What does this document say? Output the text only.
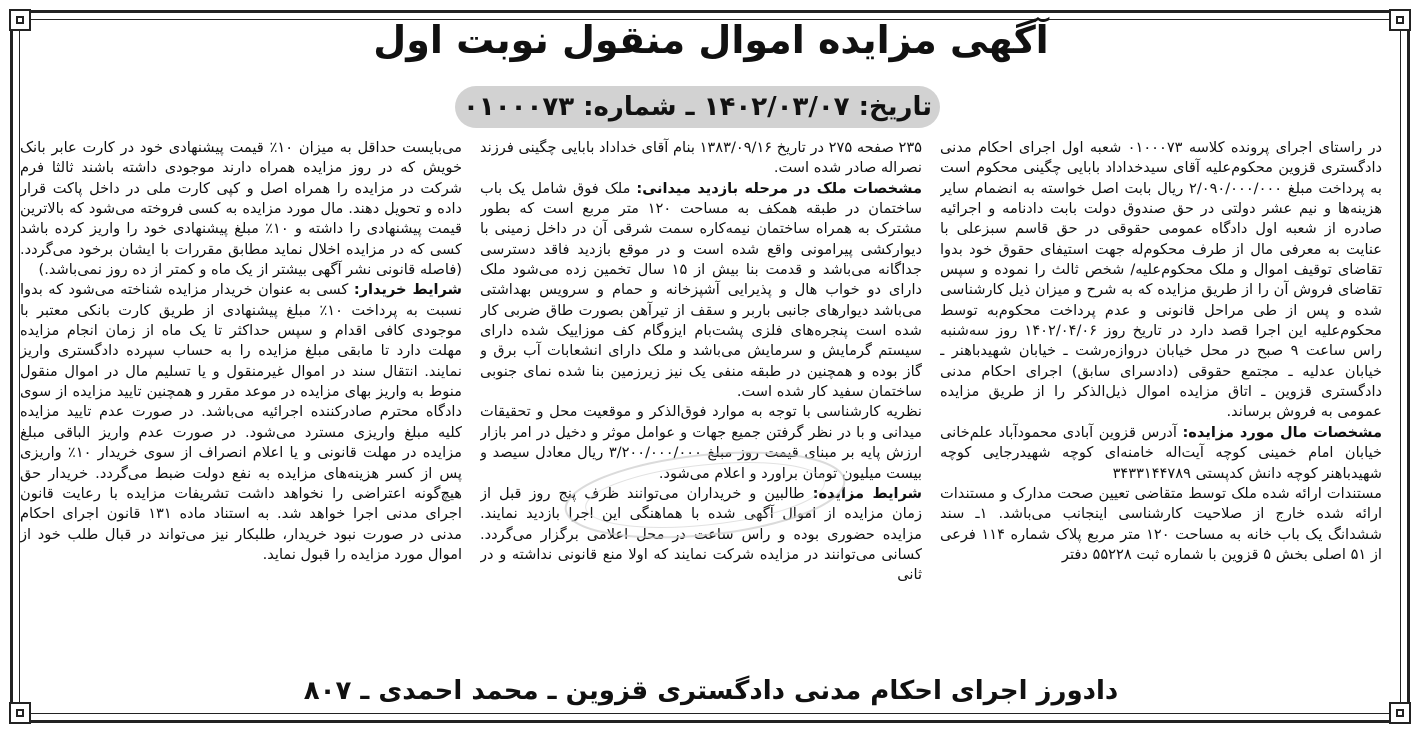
آگهی مزایده اموال منقول نوبت اول
تاریخ: ۱۴۰۲/۰۳/۰۷ ـ شماره: ۰۱۰۰۰۷۳

در راستای اجرای پرونده کلاسه ۰۱۰۰۰۷۳ شعبه اول اجرای احکام مدنی دادگستری قزوین محکوم‌علیه آقای سیدخداداد بابایی چگینی محکوم است به پرداخت مبلغ ۲/۰۹۰/۰۰۰/۰۰۰ ریال بابت اصل خواسته به انضمام سایر هزینه‌ها و نیم عشر دولتی در حق صندوق دولت بابت دادنامه و اجرائیه صادره از شعبه اول دادگاه عمومی حقوقی در حق قاسم سبزعلی با عنایت به معرفی مال از طرف محکوم‌له جهت استیفای حقوق خود بدوا تقاضای توقیف اموال و ملک محکوم‌علیه/ شخص ثالث را نموده و سپس تقاضای فروش آن را از طریق مزایده که به شرح و میزان ذیل کارشناسی شده و پس از طی مراحل قانونی و عدم پرداخت محکوم‌به توسط محکوم‌علیه این اجرا قصد دارد در تاریخ روز ۱۴۰۲/۰۴/۰۶ روز سه‌شنبه راس ساعت ۹ صبح در محل خیابان دروازه‌رشت ـ خیابان شهیدباهنر ـ خیابان عدلیه ـ مجتمع حقوقی (دادسرای سابق) اجرای احکام مدنی دادگستری قزوین ـ اتاق مزایده اموال ذیل‌الذکر را از طریق مزایده عمومی به فروش برساند.

مشخصات مال مورد مزایده: آدرس قزوین آبادی محمودآباد علم‌خانی خیابان امام خمینی کوچه آیت‌اله خامنه‌ای کوچه شهیدرجایی کوچه شهیدباهنر کوچه دانش کدپستی ۳۴۳۳۱۴۴۷۸۹

مستندات ارائه شده ملک توسط متقاضی تعیین صحت مدارک و مستندات ارائه شده خارج از صلاحیت کارشناسی اینجانب می‌باشد. ۱ـ سند ششدانگ یک باب خانه به مساحت ۱۲۰ متر مربع پلاک شماره ۱۱۴ فرعی از ۵۱ اصلی بخش ۵ قزوین با شماره ثبت ۵۵۲۲۸ دفتر

۲۳۵ صفحه ۲۷۵ در تاریخ ۱۳۸۳/۰۹/۱۶ بنام آقای خداداد بابایی چگینی فرزند نصراله صادر شده است.

مشخصات ملک در مرحله بازدید میدانی: ملک فوق شامل یک باب ساختمان در طبقه همکف به مساحت ۱۲۰ متر مربع است که بطور مشترک به همراه ساختمان نیمه‌کاره سمت شرقی آن در داخل زمینی با دیوارکشی پیرامونی واقع شده است و در موقع بازدید فاقد دسترسی جداگانه می‌باشد و قدمت بنا بیش از ۱۵ سال تخمین زده می‌شود ملک دارای دو خواب هال و پذیرایی آشپزخانه و حمام و سرویس بهداشتی می‌باشد دیوارهای جانبی باربر و سقف از تیرآهن بصورت طاق ضربی کار شده است پنجره‌های فلزی پشت‌بام ایزوگام کف موزاییک شده دارای سیستم گرمایش و سرمایش می‌باشد و ملک دارای انشعابات آب برق و گاز بوده و همچنین در طبقه منفی یک نیز زیرزمین بنا شده نمای جنوبی ساختمان سفید کار شده است.

نظریه کارشناسی با توجه به موارد فوق‌الذکر و موقعیت محل و تحقیقات میدانی و با در نظر گرفتن جمیع جهات و عوامل موثر و دخیل در امر بازار ارزش پایه بر مبنای قیمت روز مبلغ ۳/۲۰۰/۰۰۰/۰۰۰ ریال معادل سیصد و بیست میلیون تومان براورد و اعلام می‌شود.

شرایط مزایده: طالبین و خریداران می‌توانند ظرف پنج روز قبل از زمان مزایده از اموال آگهی شده با هماهنگی این اجرا بازدید نمایند. مزایده حضوری بوده و راس ساعت در محل اعلامی برگزار می‌گردد. کسانی می‌توانند در مزایده شرکت نمایند که اولا منع قانونی نداشته و در ثانی

می‌بایست حداقل به میزان ۱۰٪ قیمت پیشنهادی خود در کارت عابر بانک خویش که در روز مزایده همراه دارند موجودی داشته باشند ثالثا فرم شرکت در مزایده را همراه اصل و کپی کارت ملی در داخل پاکت قرار داده و تحویل دهند. مال مورد مزایده به کسی فروخته می‌شود که بالاترین قیمت پیشنهادی را داشته و ۱۰٪ مبلغ پیشنهادی خود را واریز کرده باشد کسی که در مزایده اخلال نماید مطابق مقررات با ایشان برخود می‌گردد. (فاصله قانونی نشر آگهی بیشتر از یک ماه و کمتر از ده روز نمی‌باشد.)

شرایط خریدار: کسی به عنوان خریدار مزایده شناخته می‌شود که بدوا نسبت به پرداخت ۱۰٪ مبلغ پیشنهادی از طریق کارت بانکی معتبر با موجودی کافی اقدام و سپس حداکثر تا یک ماه از زمان انجام مزایده مهلت دارد تا مابقی مبلغ مزایده را به حساب سپرده دادگستری واریز نمایند. انتقال سند در اموال غیرمنقول و یا تسلیم مال در اموال منقول منوط به واریز بهای مزایده در موعد مقرر و همچنین تایید مزایده از سوی دادگاه محترم صادرکننده اجرائیه می‌باشد. در صورت عدم تایید مزایده کلیه مبلغ واریزی مسترد می‌شود. در صورت عدم واریز الباقی مبلغ مزایده در مهلت قانونی و یا اعلام انصراف از سوی خریدار ۱۰٪ واریزی پس از کسر هزینه‌های مزایده به نفع دولت ضبط می‌گردد. خریدار حق هیچ‌گونه اعتراضی را نخواهد داشت تشریفات مزایده با رعایت قانون اجرای مدنی اجرا خواهد شد. به استناد ماده ۱۳۱ قانون اجرای احکام مدنی در صورت نبود خریدار، طلبکار نیز می‌تواند در قبال طلب خود از اموال مورد مزایده را قبول نماید.

دادورز اجرای احکام مدنی دادگستری قزوین ـ محمد احمدی ـ ۸۰۷
